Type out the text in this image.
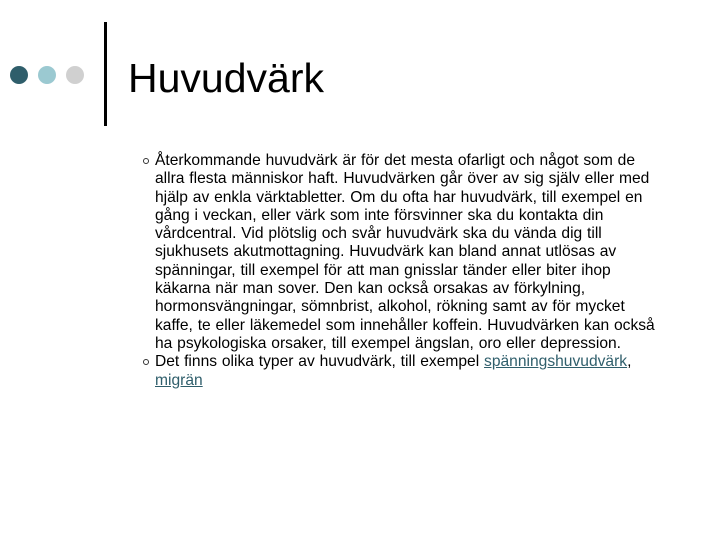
Huvudvärk
Återkommande huvudvärk är för det mesta ofarligt och något som de allra flesta människor haft. Huvudvärken går över av sig själv eller med hjälp av enkla värktabletter. Om du ofta har huvudvärk, till exempel en gång i veckan, eller värk som inte försvinner ska du kontakta din vårdcentral. Vid plötslig och svår huvudvärk ska du vända dig till sjukhusets akutmottagning. Huvudvärk kan bland annat utlösas av spänningar, till exempel för att man gnisslar tänder eller biter ihop käkarna när man sover. Den kan också orsakas av förkylning, hormonsvängningar, sömnbrist, alkohol, rökning samt av för mycket kaffe, te eller läkemedel som innehåller koffein. Huvudvärken kan också ha psykologiska orsaker, till exempel ängslan, oro eller depression.
Det finns olika typer av huvudvärk, till exempel spänningshuvudvärk, migrän
